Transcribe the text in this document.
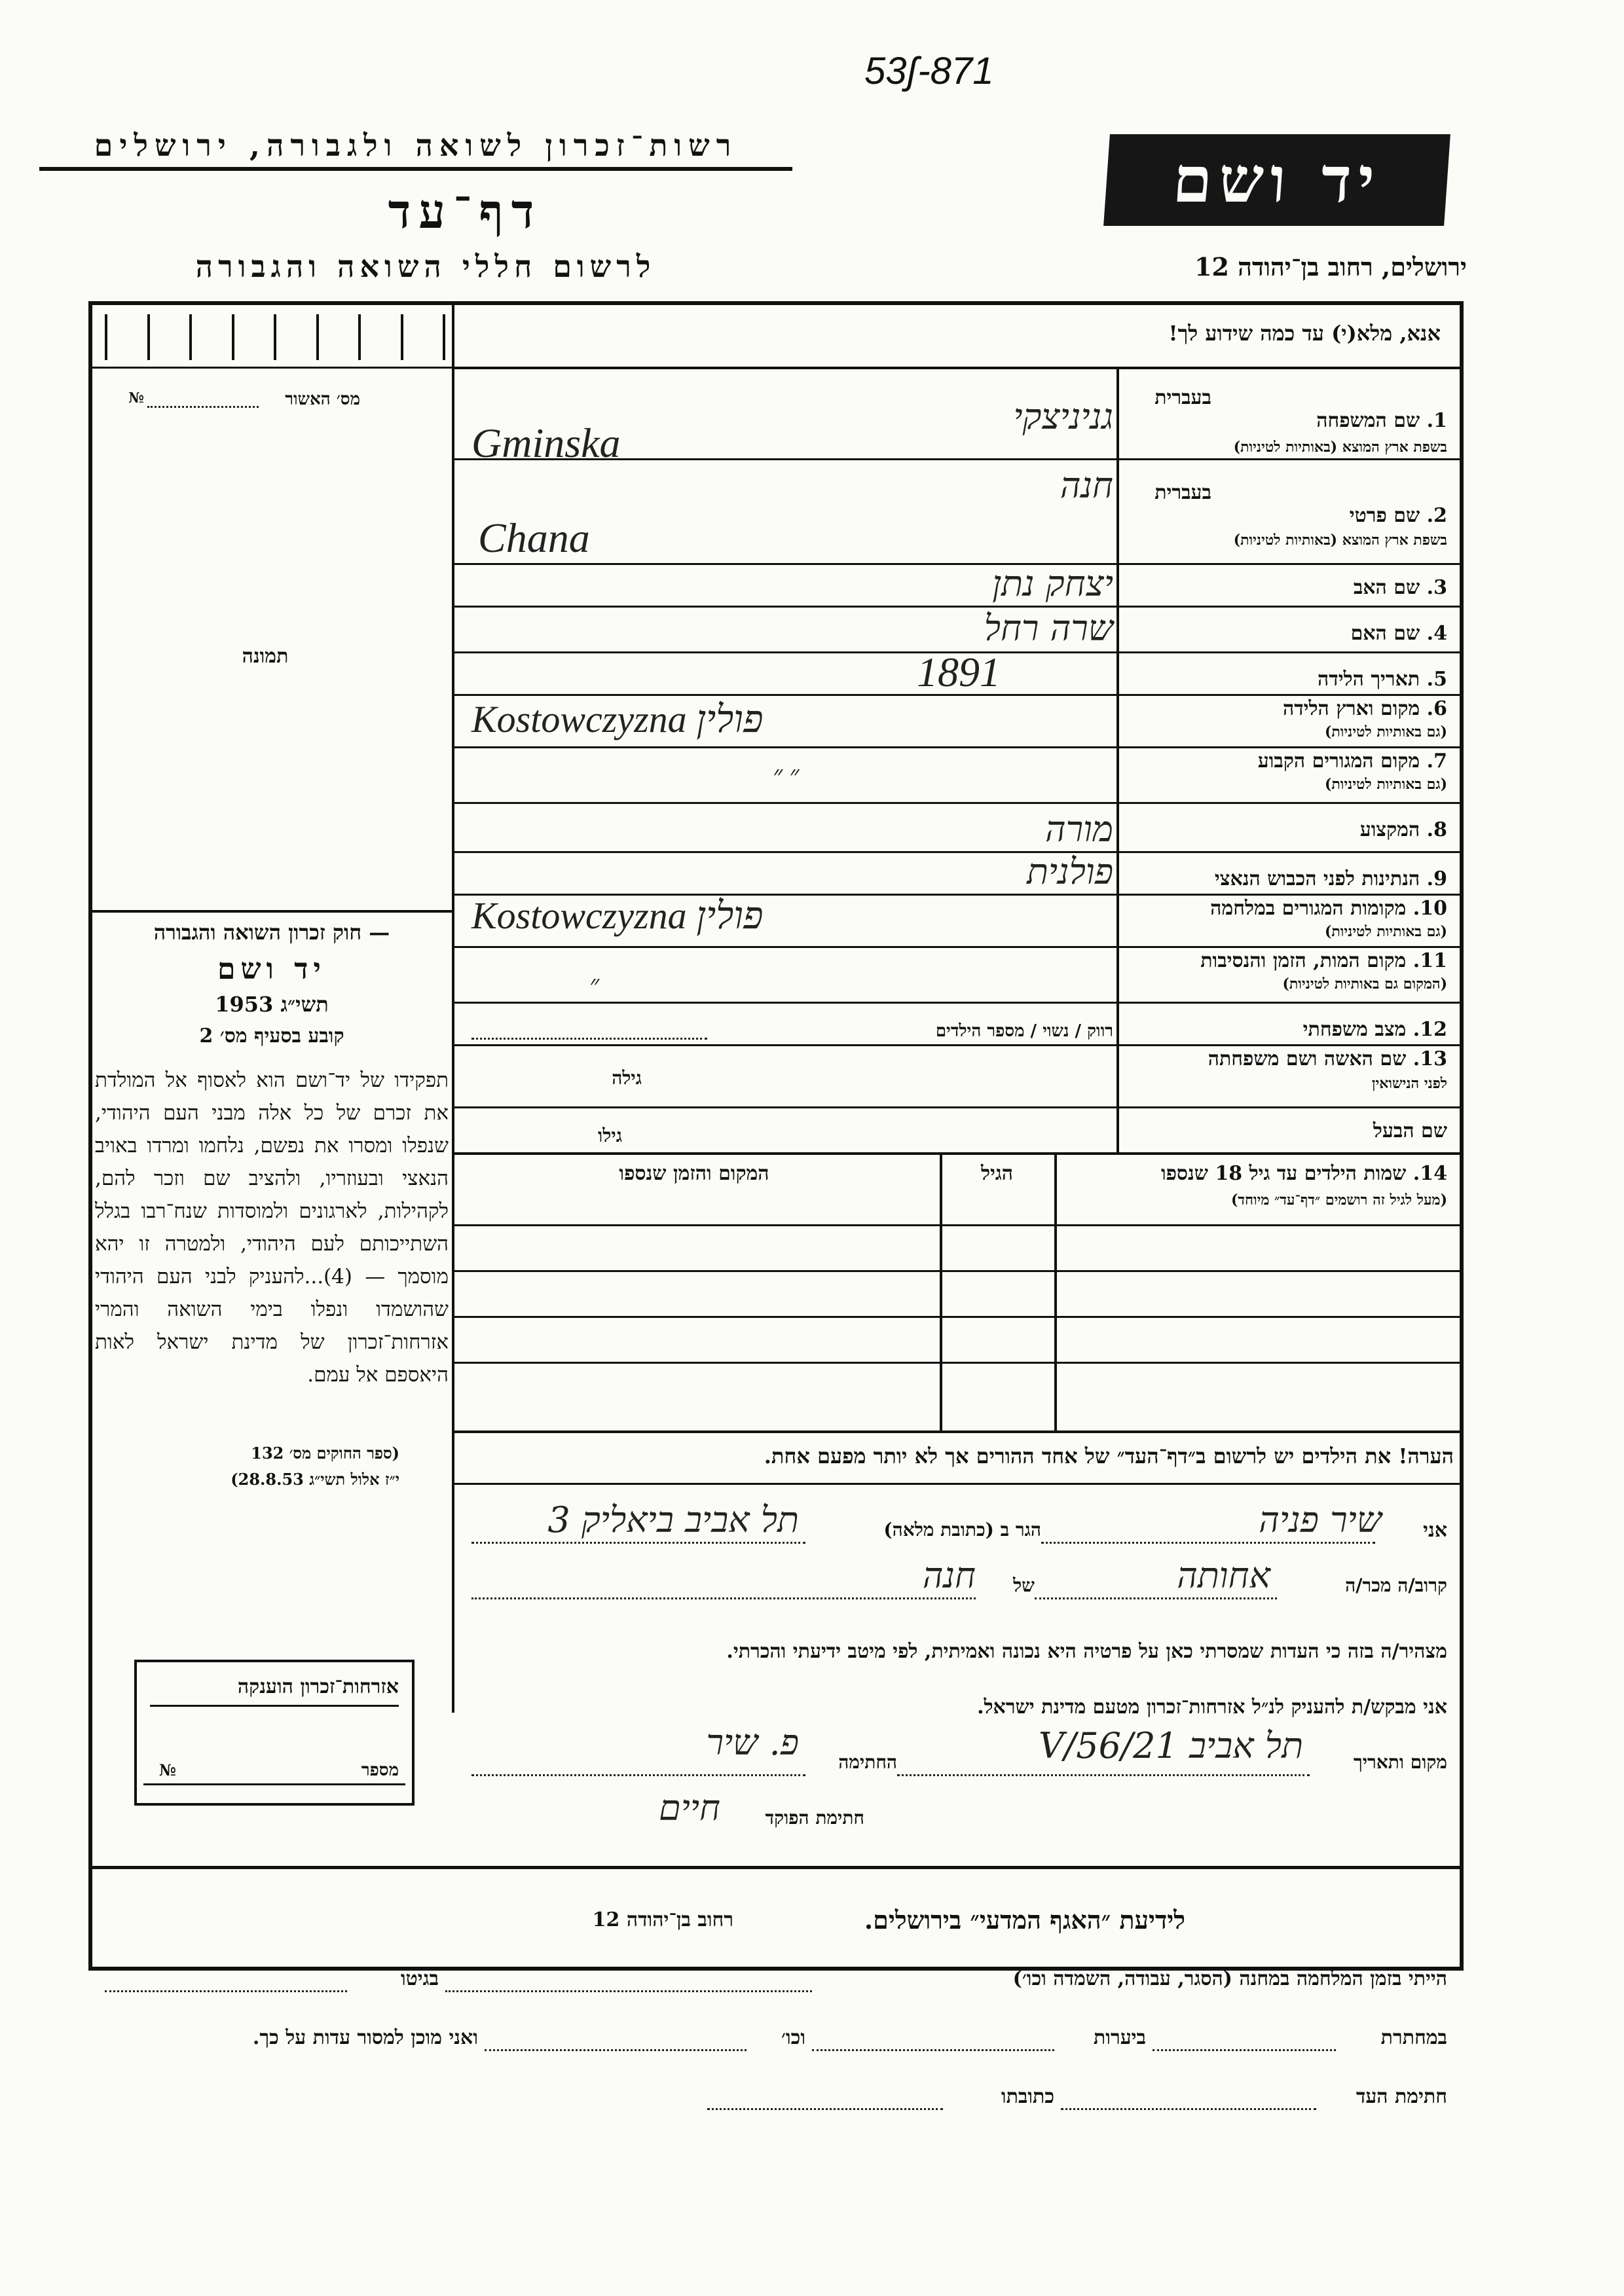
רשות־זכרון לשואה ולגבורה, ירושלים
דף־עד
לרשום חללי השואה והגבורה
53ʃ-871
יד ושם
ירושלים, רחוב בן־יהודה 12
אנא, מלא(י) עד כמה שידוע לך!
מס׳ האשור
№
תמונה
בעברית
בעברית
1. שם המשפחה
בשפת ארץ המוצא (באותיות לטיניות)
2. שם פרטי
בשפת ארץ המוצא (באותיות לטיניות)
3. שם האב
4. שם האם
5. תאריך הלידה
6. מקום וארץ הלידה
(גם באותיות לטיניות)
7. מקום המגורים הקבוע
(גם באותיות לטיניות)
8. המקצוע
9. הנתינות לפני הכבוש הנאצי
10. מקומות המגורים במלחמה
(גם באותיות לטיניות)
11. מקום המות, הזמן והנסיבות
(המקום גם באותיות לטיניות)
12. מצב משפחתי
13. שם האשה ושם משפחתה
לפני הנישואין
שם הבעל
גניניצקי
Gminska
חנה
Chana
יצחק נתן
שרה רחל
1891
Kostowczyzna פולין
״ ״
מורה
פולנית
Kostowczyzna פולין
״
רווק / נשוי / מספר הילדים
גילה
גילו
14. שמות הילדים עד גיל 18 שנספו
(מעל לגיל זה רושמים ״דף־עד״ מיוחד)
הגיל
המקום והזמן שנספו
— חוק זכרון השואה והגבורה
יד ושם
תשי״ג 1953
קובע בסעיף מס׳ 2
תפקידו של יד־ושם הוא לאסוף אל המולדת את זכרם של כל אלה מבני העם היהודי, שנפלו ומסרו את נפשם, נלחמו ומרדו באויב הנאצי ובעוזריו, ולהציב שם וזכר להם, לקהילות, לארגונים ולמוסדות שנח־רבו בגלל השתייכותם לעם היהודי, ולמטרה זו יהא מוסמך — (4)...להעניק לבני העם היהודי שהושמדו ונפלו בימי השואה והמרי אזרחות־זכרון של מדינת ישראל לאות היאספם אל עמם.
(ספר החוקים מס׳ 132
י״ז אלול תשי״ג 28.8.53)
הערה! את הילדים יש לרשום ב״דף־העד״ של אחד ההורים אך לא יותר מפעם אחת.
אני
שיר פניה
הגר ב (כתובת מלאה)
תל אביב ביאליק 3
קרוב/ה מכר/ה
אחותה
של
חנה
מצהיר/ה בזה כי העדות שמסרתי כאן על פרטיה היא נכונה ואמיתית, לפי מיטב ידיעתי והכרתי.
אני מבקש/ת להעניק לנ״ל אזרחות־זכרון מטעם מדינת ישראל.
מקום ותאריך
תל אביב 21/V/56
החתימה
פ. שיר
חתימת הפוקד
חיים
אזרחות־זכרון הוענקה
מספר
№
לידיעת ״האגף המדעי״ בירושלים.
רחוב בן־יהודה 12
הייתי בזמן המלחמה במחנה (הסגר, עבודה, השמדה וכו׳)
בגיטו
במחתרת
ביערות
וכו׳
ואני מוכן למסור עדות על כך.
חתימת העד
כתובתו
